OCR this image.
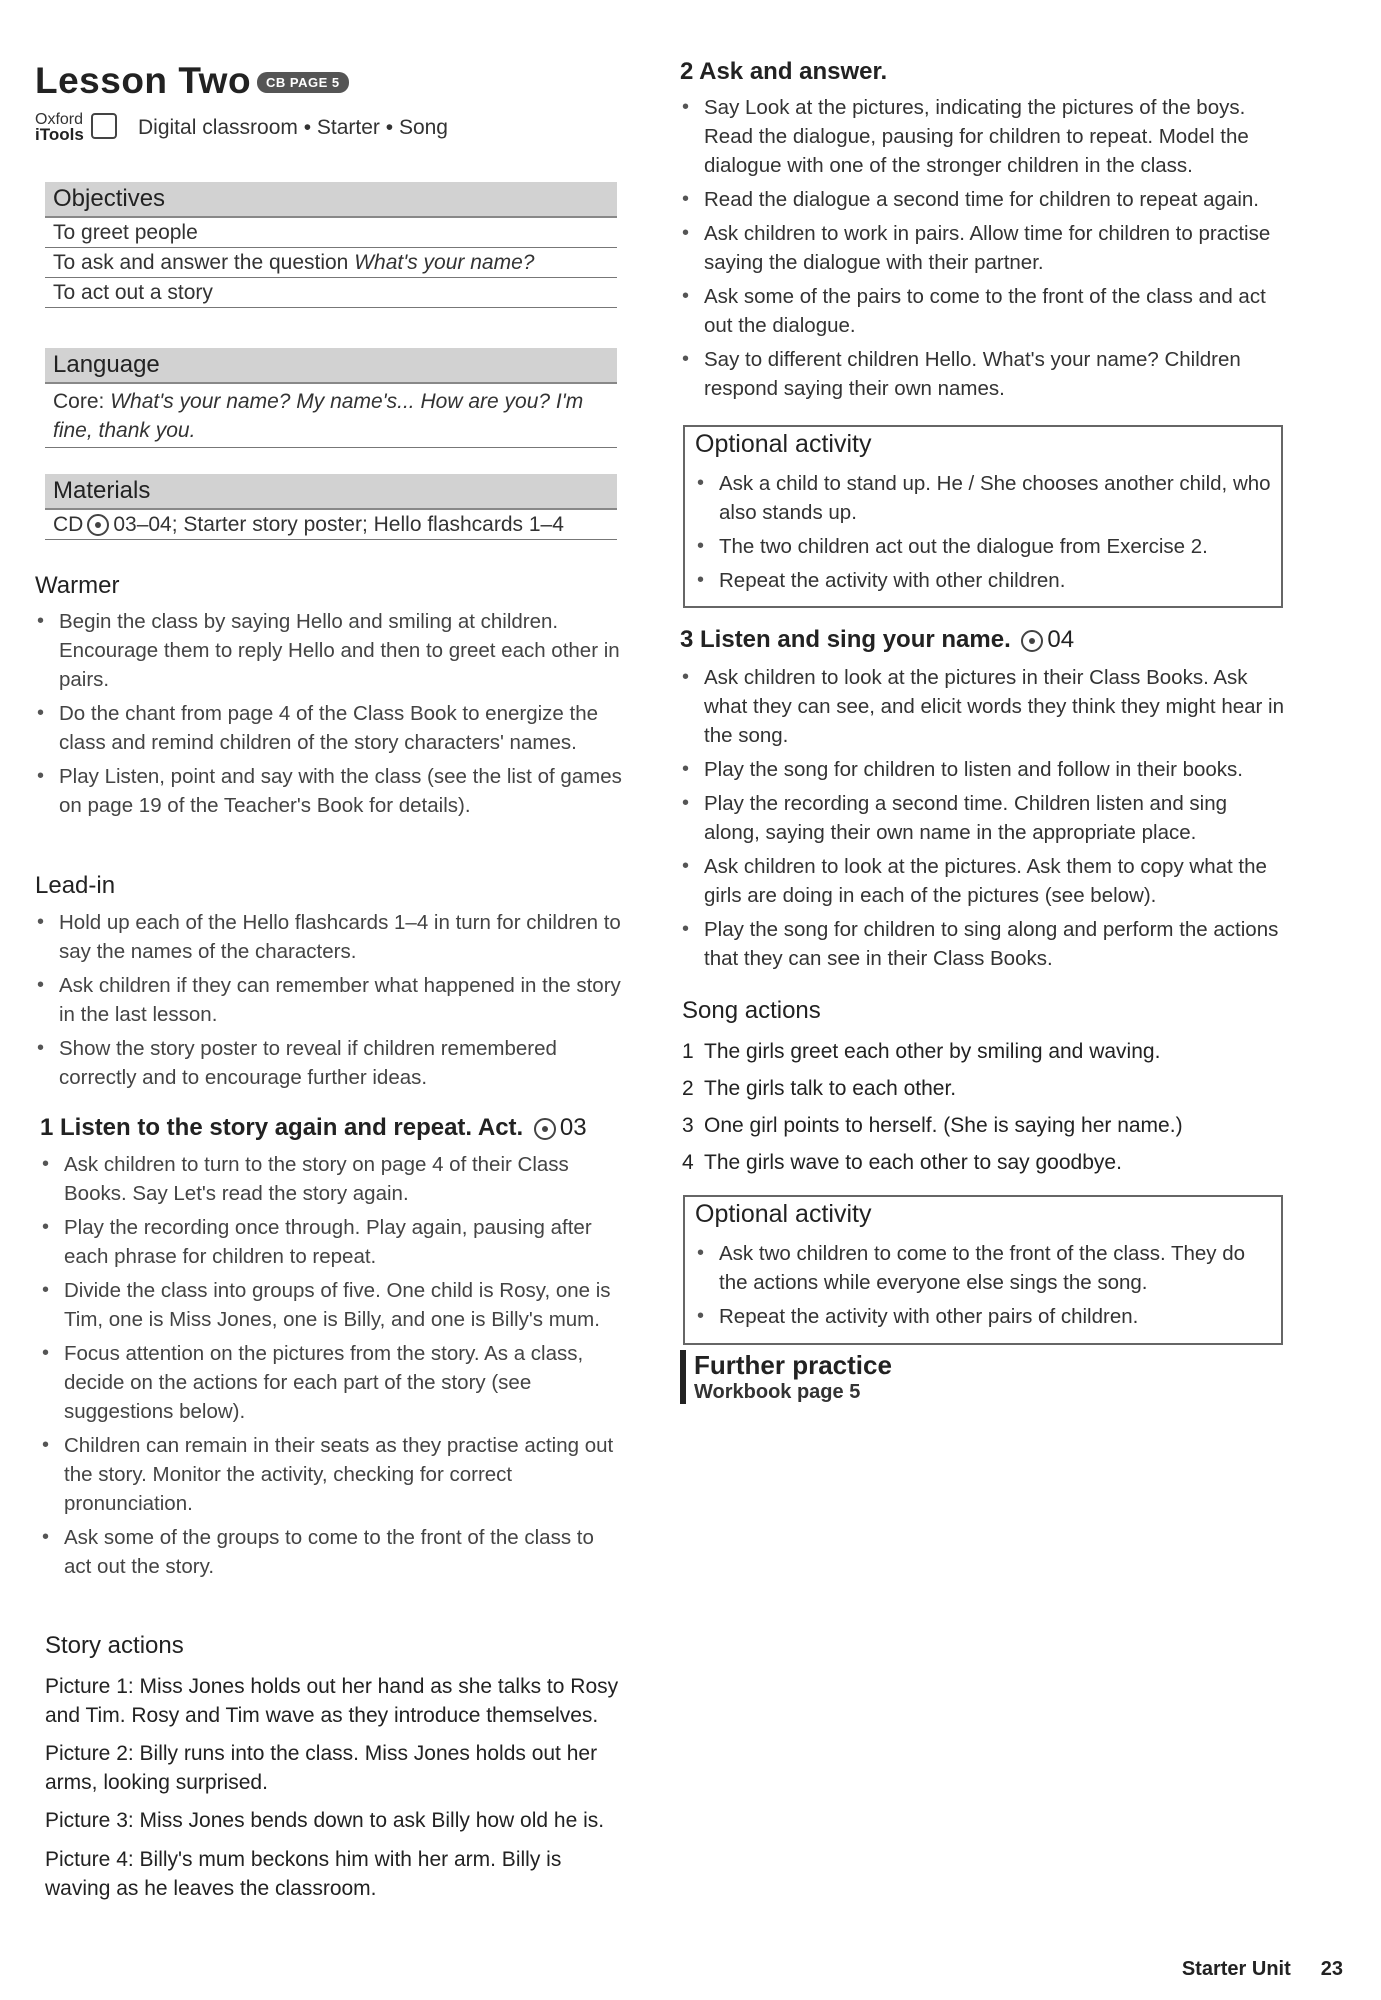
Lesson Two	CB PAGE 5
Oxford
iTools	Digital classroom • Starter • Song
Objectives
To greet people
To ask and answer the question What's your name?
To act out a story
Language
Core: What's your name? My name's... How are you? I'm fine, thank you.
Materials
CD 03–04; Starter story poster; Hello flashcards 1–4
Warmer
• Begin the class by saying Hello and smiling at children. Encourage them to reply Hello and then to greet each other in pairs.
• Do the chant from page 4 of the Class Book to energize the class and remind children of the story characters' names.
• Play Listen, point and say with the class (see the list of games on page 19 of the Teacher's Book for details).
Lead-in
• Hold up each of the Hello flashcards 1–4 in turn for children to say the names of the characters.
• Ask children if they can remember what happened in the story in the last lesson.
• Show the story poster to reveal if children remembered correctly and to encourage further ideas.
1 Listen to the story again and repeat. Act. 03
• Ask children to turn to the story on page 4 of their Class Books. Say Let's read the story again.
• Play the recording once through. Play again, pausing after each phrase for children to repeat.
• Divide the class into groups of five. One child is Rosy, one is Tim, one is Miss Jones, one is Billy, and one is Billy's mum.
• Focus attention on the pictures from the story. As a class, decide on the actions for each part of the story (see suggestions below).
• Children can remain in their seats as they practise acting out the story. Monitor the activity, checking for correct pronunciation.
• Ask some of the groups to come to the front of the class to act out the story.
Story actions
Picture 1: Miss Jones holds out her hand as she talks to Rosy and Tim. Rosy and Tim wave as they introduce themselves.
Picture 2: Billy runs into the class. Miss Jones holds out her arms, looking surprised.
Picture 3: Miss Jones bends down to ask Billy how old he is.
Picture 4: Billy's mum beckons him with her arm. Billy is waving as he leaves the classroom.
2 Ask and answer.
• Say Look at the pictures, indicating the pictures of the boys. Read the dialogue, pausing for children to repeat. Model the dialogue with one of the stronger children in the class.
• Read the dialogue a second time for children to repeat again.
• Ask children to work in pairs. Allow time for children to practise saying the dialogue with their partner.
• Ask some of the pairs to come to the front of the class and act out the dialogue.
• Say to different children Hello. What's your name? Children respond saying their own names.
Optional activity
• Ask a child to stand up. He / She chooses another child, who also stands up.
• The two children act out the dialogue from Exercise 2.
• Repeat the activity with other children.
3 Listen and sing your name. 04
• Ask children to look at the pictures in their Class Books. Ask what they can see, and elicit words they think they might hear in the song.
• Play the song for children to listen and follow in their books.
• Play the recording a second time. Children listen and sing along, saying their own name in the appropriate place.
• Ask children to look at the pictures. Ask them to copy what the girls are doing in each of the pictures (see below).
• Play the song for children to sing along and perform the actions that they can see in their Class Books.
Song actions
1 The girls greet each other by smiling and waving.
2 The girls talk to each other.
3 One girl points to herself. (She is saying her name.)
4 The girls wave to each other to say goodbye.
Optional activity
• Ask two children to come to the front of the class. They do the actions while everyone else sings the song.
• Repeat the activity with other pairs of children.
Further practice
Workbook page 5
Starter Unit 23
